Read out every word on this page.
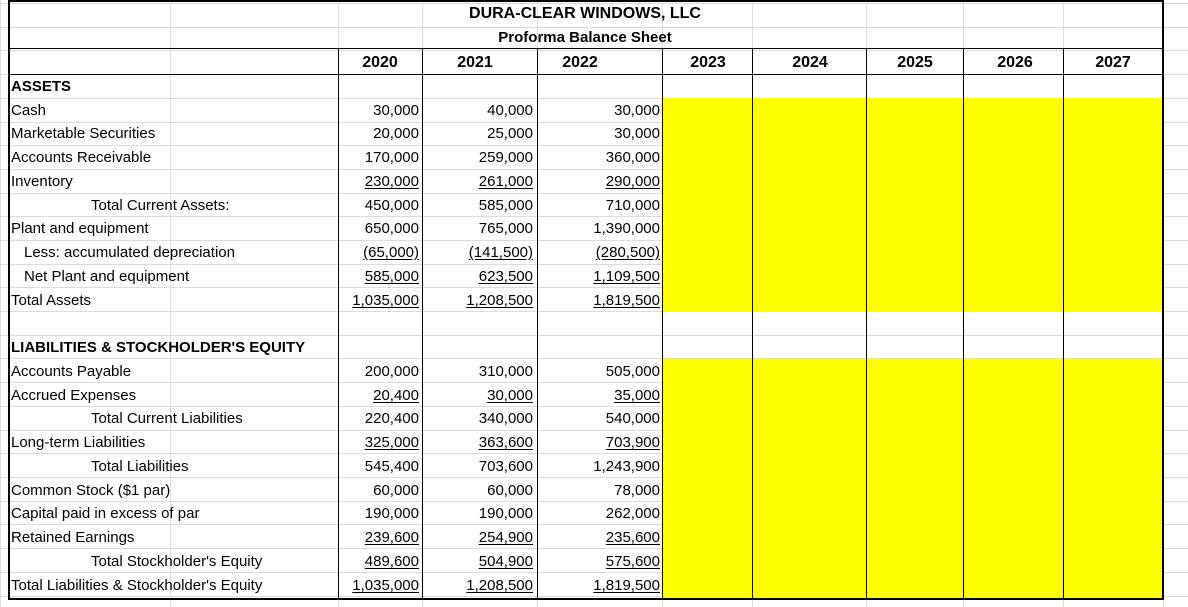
DURA-CLEAR WINDOWS, LLC
Proforma Balance Sheet
2020	2021	2022	2023	2024	2025	2026	2027
ASSETS
LIABILITIES & STOCKHOLDER'S EQUITY
Cash	30,000	40,000	30,000
Marketable Securities	20,000	25,000	30,000
Accounts Receivable	170,000	259,000	360,000
Inventory	230,000	261,000	290,000
Total Current Assets:	450,000	585,000	710,000
Plant and equipment	650,000	765,000	1,390,000
Less: accumulated depreciation	(65,000)	(141,500)	(280,500)
Net Plant and equipment	585,000	623,500	1,109,500
Total Assets	1,035,000	1,208,500	1,819,500
Accounts Payable	200,000	310,000	505,000
Accrued Expenses	20,400	30,000	35,000
Total Current Liabilities	220,400	340,000	540,000
Long-term Liabilities	325,000	363,600	703,900
Total Liabilities	545,400	703,600	1,243,900
Common Stock ($1 par)	60,000	60,000	78,000
Capital paid in excess of par	190,000	190,000	262,000
Retained Earnings	239,600	254,900	235,600
Total Stockholder's Equity	489,600	504,900	575,600
Total Liabilities & Stockholder's Equity	1,035,000	1,208,500	1,819,500
